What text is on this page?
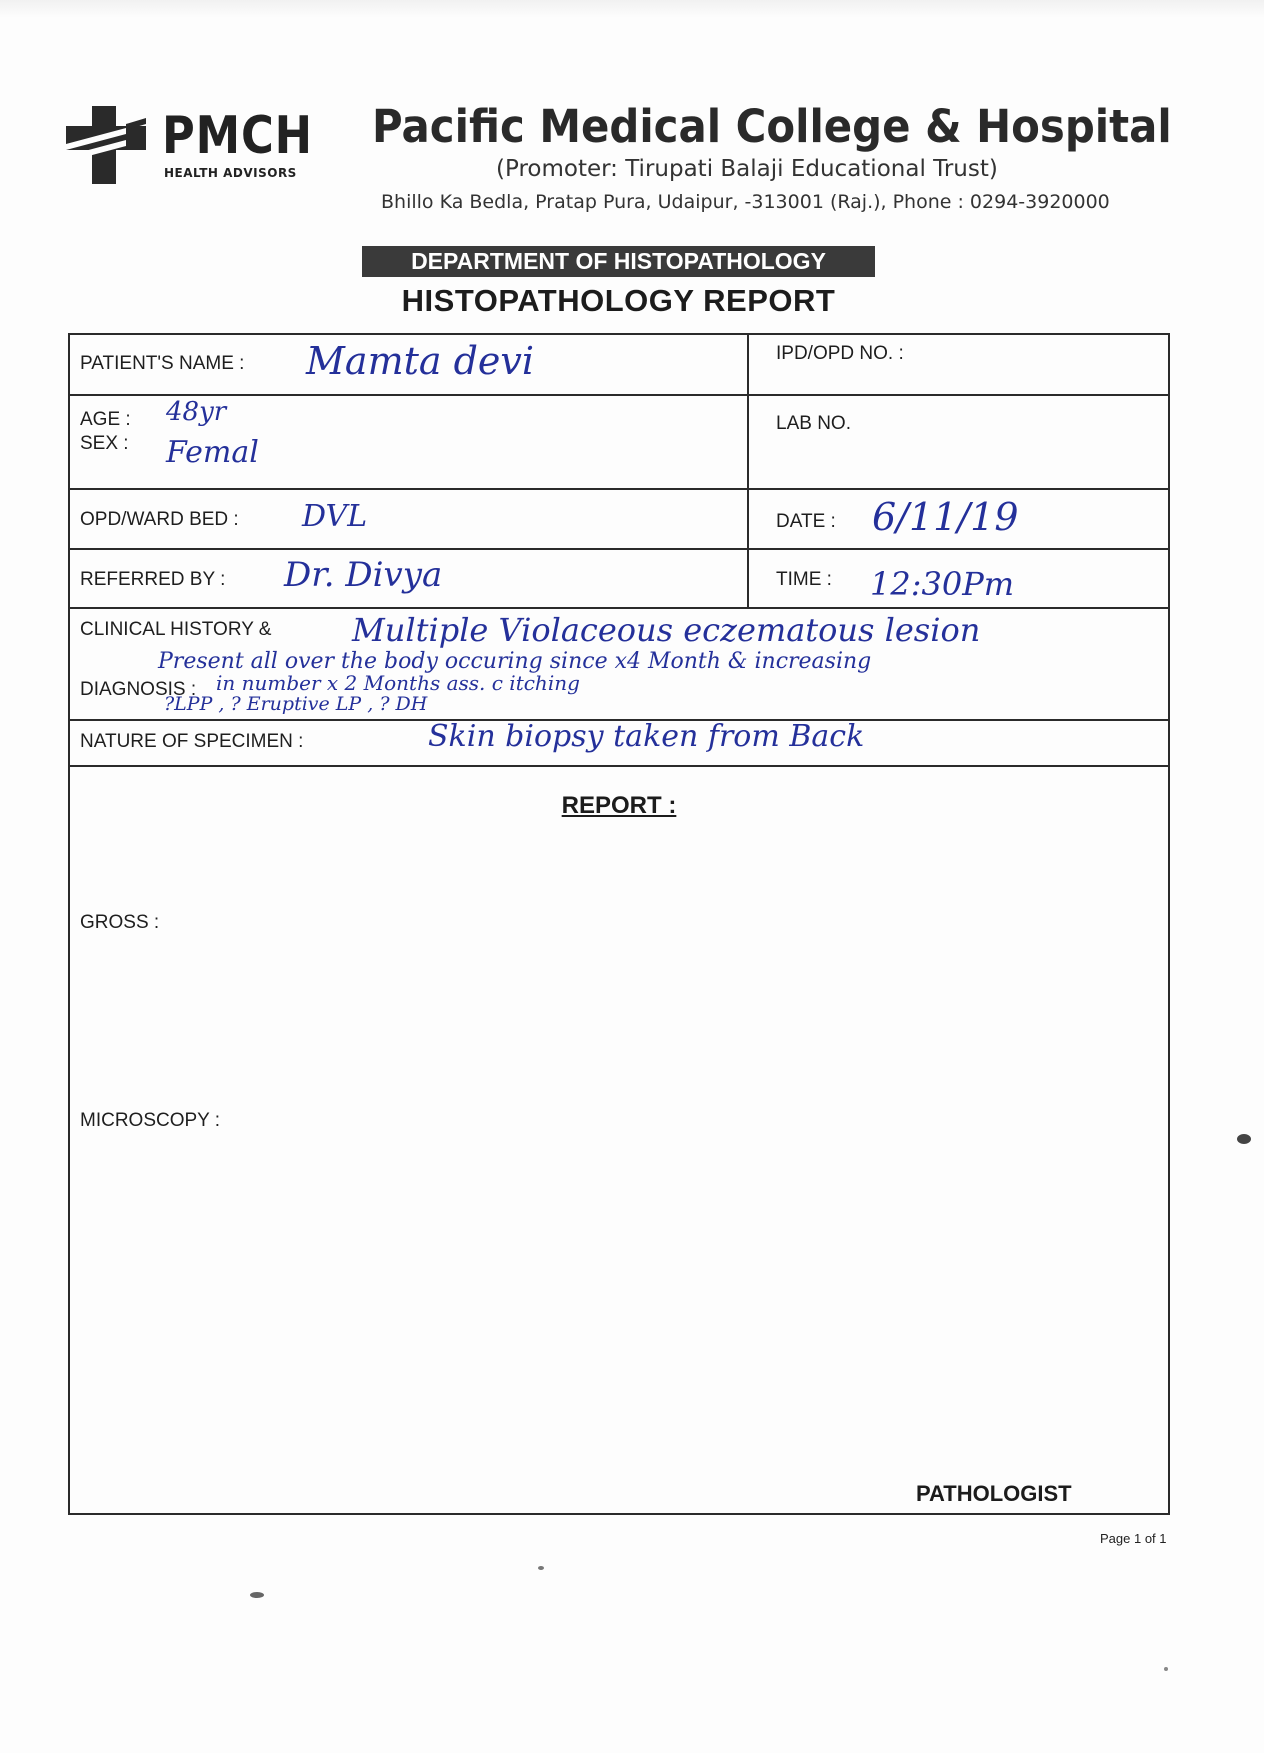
PMCH
HEALTH ADVISORS
Pacific Medical College & Hospital
(Promoter: Tirupati Balaji Educational Trust)
Bhillo Ka Bedla, Pratap Pura, Udaipur, -313001 (Raj.), Phone : 0294-3920000
DEPARTMENT OF HISTOPATHOLOGY
HISTOPATHOLOGY REPORT
PATIENT'S NAME : Mamta devi	IPD/OPD NO. :
AGE : 48yr
SEX : Femal
LAB NO.
OPD/WARD BED : DVL	DATE : 6/11/19
REFERRED BY : Dr. Divya	TIME : 12:30Pm
CLINICAL HISTORY &	Multiple Violaceous eczematous lesion
Present all over the body occuring since x4 Month & increasing
DIAGNOSIS : in number x 2 Months ass. c itching
?LPP , ? Eruptive LP , ? DH
NATURE OF SPECIMEN :	Skin biopsy taken from Back
REPORT :
GROSS :
MICROSCOPY :
PATHOLOGIST
Page 1 of 1
